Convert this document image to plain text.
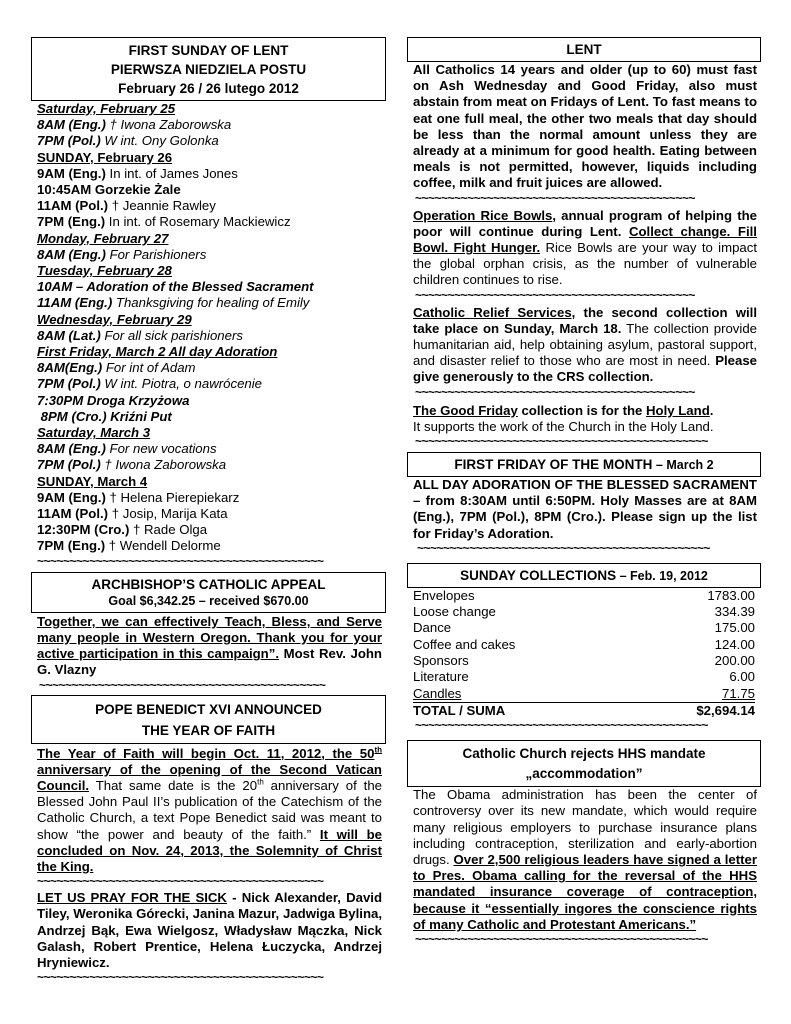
FIRST SUNDAY OF LENT
PIERWSZA NIEDZIELA POSTU
February 26 / 26 lutego 2012
Saturday, February 25
8AM (Eng.) † Iwona Zaborowska
7PM (Pol.) W int. Ony Golonka
SUNDAY, February 26
9AM (Eng.) In int. of James Jones
10:45AM Gorzekie Żale
11AM (Pol.) † Jeannie Rawley
7PM (Eng.) In int. of Rosemary Mackiewicz
Monday, February 27
8AM (Eng.) For Parishioners
Tuesday, February 28
10AM – Adoration of the Blessed Sacrament
11AM (Eng.) Thanksgiving for healing of Emily
Wednesday, February 29
8AM (Lat.) For all sick parishioners
First Friday, March 2 All day Adoration
8AM(Eng.) For int of Adam
7PM (Pol.) W int. Piotra, o nawrócenie
7:30PM Droga Krzyżowa
8PM (Cro.) Kriźni Put
Saturday, March 3
8AM (Eng.) For new vocations
7PM (Pol.) † Iwona Zaborowska
SUNDAY, March 4
9AM (Eng.) † Helena Pierepiekarz
11AM (Pol.) † Josip, Marija Kata
12:30PM (Cro.) † Rade Olga
7PM (Eng.) † Wendell Delorme
~~~~~~~~~~~~~~~~~~~~~~~~~~~~~~~~~~~~~~~~~~~~
ARCHBISHOP’S CATHOLIC APPEAL
Goal $6,342.25 – received $670.00
Together, we can effectively Teach, Bless, and Serve many people in Western Oregon. Thank you for your active participation in this campaign”. Most Rev. John G. Vlazny
~~~~~~~~~~~~~~~~~~~~~~~~~~~~~~~~~~~~~~~~~~~~
POPE BENEDICT XVI ANNOUNCED
THE YEAR OF FAITH
The Year of Faith will begin Oct. 11, 2012, the 50th anniversary of the opening of the Second Vatican Council. That same date is the 20th anniversary of the Blessed John Paul II’s publication of the Catechism of the Catholic Church, a text Pope Benedict said was meant to show “the power and beauty of the faith.” It will be concluded on Nov. 24, 2013, the Solemnity of Christ the King.
~~~~~~~~~~~~~~~~~~~~~~~~~~~~~~~~~~~~~~~~~~~~
LET US PRAY FOR THE SICK - Nick Alexander, David Tiley, Weronika Górecki, Janina Mazur, Jadwiga Bylina, Andrzej Bąk, Ewa Wielgosz, Władysław Mączka, Nick Galash, Robert Prentice, Helena Łuczycka, Andrzej Hryniewicz.
~~~~~~~~~~~~~~~~~~~~~~~~~~~~~~~~~~~~~~~~~~~~
LENT
All Catholics 14 years and older (up to 60) must fast on Ash Wednesday and Good Friday, also must abstain from meat on Fridays of Lent. To fast means to eat one full meal, the other two meals that day should be less than the normal amount unless they are already at a minimum for good health. Eating between meals is not permitted, however, liquids including coffee, milk and fruit juices are allowed.
~~~~~~~~~~~~~~~~~~~~~~~~~~~~~~~~~~~~~~~~~~~
Operation Rice Bowls, annual program of helping the poor will continue during Lent. Collect change. Fill Bowl. Fight Hunger. Rice Bowls are your way to impact the global orphan crisis, as the number of vulnerable children continues to rise.
~~~~~~~~~~~~~~~~~~~~~~~~~~~~~~~~~~~~~~~~~~~
Catholic Relief Services, the second collection will take place on Sunday, March 18. The collection provide humanitarian aid, help obtaining asylum, pastoral support, and disaster relief to those who are most in need. Please give generously to the CRS collection.
~~~~~~~~~~~~~~~~~~~~~~~~~~~~~~~~~~~~~~~~~~~
The Good Friday collection is for the Holy Land.
It supports the work of the Church in the Holy Land.
~~~~~~~~~~~~~~~~~~~~~~~~~~~~~~~~~~~~~~~~~~~~~
FIRST FRIDAY OF THE MONTH – March 2
ALL DAY ADORATION OF THE BLESSED SACRAMENT – from 8:30AM until 6:50PM. Holy Masses are at 8AM (Eng.), 7PM (Pol.), 8PM (Cro.). Please sign up the list for Friday’s Adoration.
~~~~~~~~~~~~~~~~~~~~~~~~~~~~~~~~~~~~~~~~~~~~~
SUNDAY COLLECTIONS – Feb. 19, 2012
Envelopes	1783.00
Loose change	334.39
Dance	175.00
Coffee and cakes	124.00
Sponsors	200.00
Literature	6.00
Candles	71.75
TOTAL / SUMA	$2,694.14
~~~~~~~~~~~~~~~~~~~~~~~~~~~~~~~~~~~~~~~~~~~~~
Catholic Church rejects HHS mandate
„accommodation”
The Obama administration has been the center of controversy over its new mandate, which would require many religious employers to purchase insurance plans including contraception, sterilization and early-abortion drugs. Over 2,500 religious leaders have signed a letter to Pres. Obama calling for the reversal of the HHS mandated insurance coverage of contraception, because it “essentially ingores the conscience rights of many Catholic and Protestant Americans.”
~~~~~~~~~~~~~~~~~~~~~~~~~~~~~~~~~~~~~~~~~~~~~
